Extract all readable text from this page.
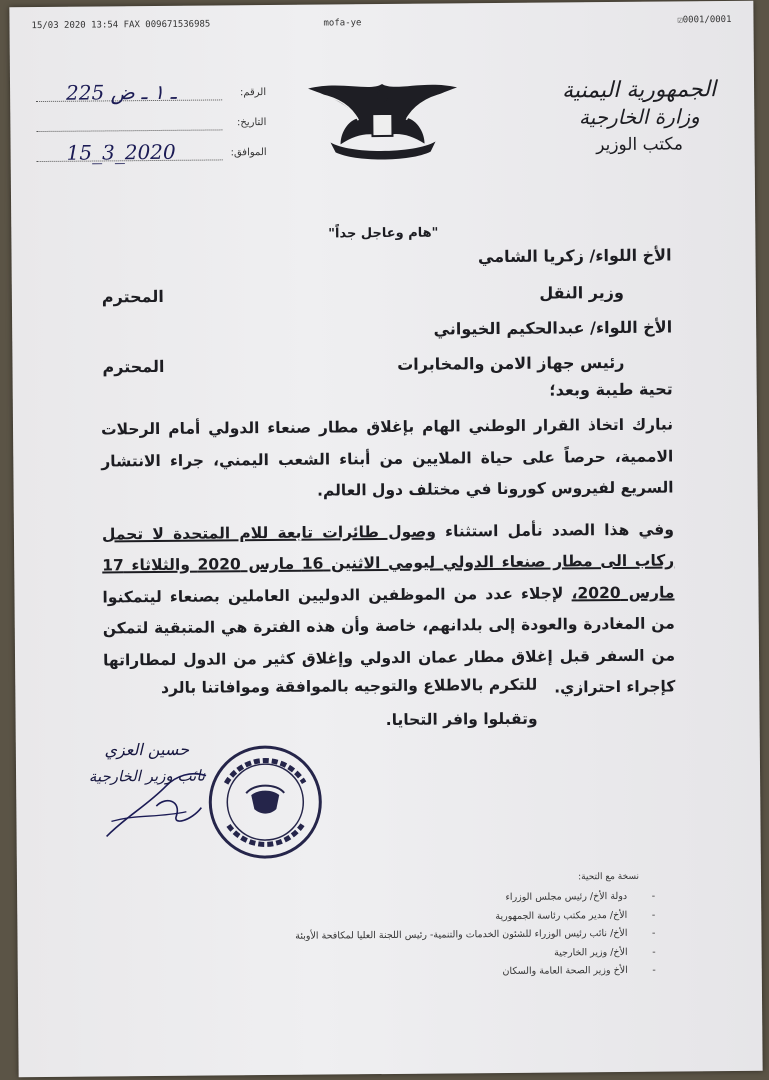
15/03 2020 13:54 FAX 009671536985	mofa-ye	☑0001/0001
الرقم:
225 ـ ١ ـ ض
التاريخ:
الموافق:
15_3_2020
الجمهورية اليمنية
وزارة الخارجية
مكتب الوزير
"هام وعاجل جداً"
الأخ اللواء/ زكريا الشامي
وزير النقل
المحترم
الأخ اللواء/ عبدالحكيم الخيواني
رئيس جهاز الامن والمخابرات
المحترم
تحية طيبة وبعد؛

نبارك اتخاذ القرار الوطني الهام بإغلاق مطار صنعاء الدولي أمام الرحلات الاممية، حرصاً على حياة الملايين من أبناء الشعب اليمني، جراء الانتشار السريع لفيروس كورونا في مختلف دول العالم.

وفي هذا الصدد نأمل استثناء وصول طائرات تابعة للام المتحدة لا تحمل ركاب الى مطار صنعاء الدولي ليومي الاثنين 16 مارس 2020 والثلاثاء 17 مارس 2020، لإجلاء عدد من الموظفين الدوليين العاملين بصنعاء ليتمكنوا من المغادرة والعودة إلى بلدانهم، خاصة وأن هذه الفترة هي المتبقية لتمكن من السفر قبل إغلاق مطار عمان الدولي وإغلاق كثير من الدول لمطاراتها كإجراء احترازي.

للتكرم بالاطلاع والتوجيه بالموافقة وموافاتنا بالرد
وتقبلوا وافر التحايا.
حسين العزي
نائب وزير الخارجية
نسخة مع التحية:
- دولة الأخ/ رئيس مجلس الوزراء
- الأخ/ مدير مكتب رئاسة الجمهورية
- الأخ/ نائب رئيس الوزراء للشئون الخدمات والتنمية- رئيس اللجنة العليا لمكافحة الأوبئة
- الأخ/ وزير الخارجية
- الأخ وزير الصحة العامة والسكان
